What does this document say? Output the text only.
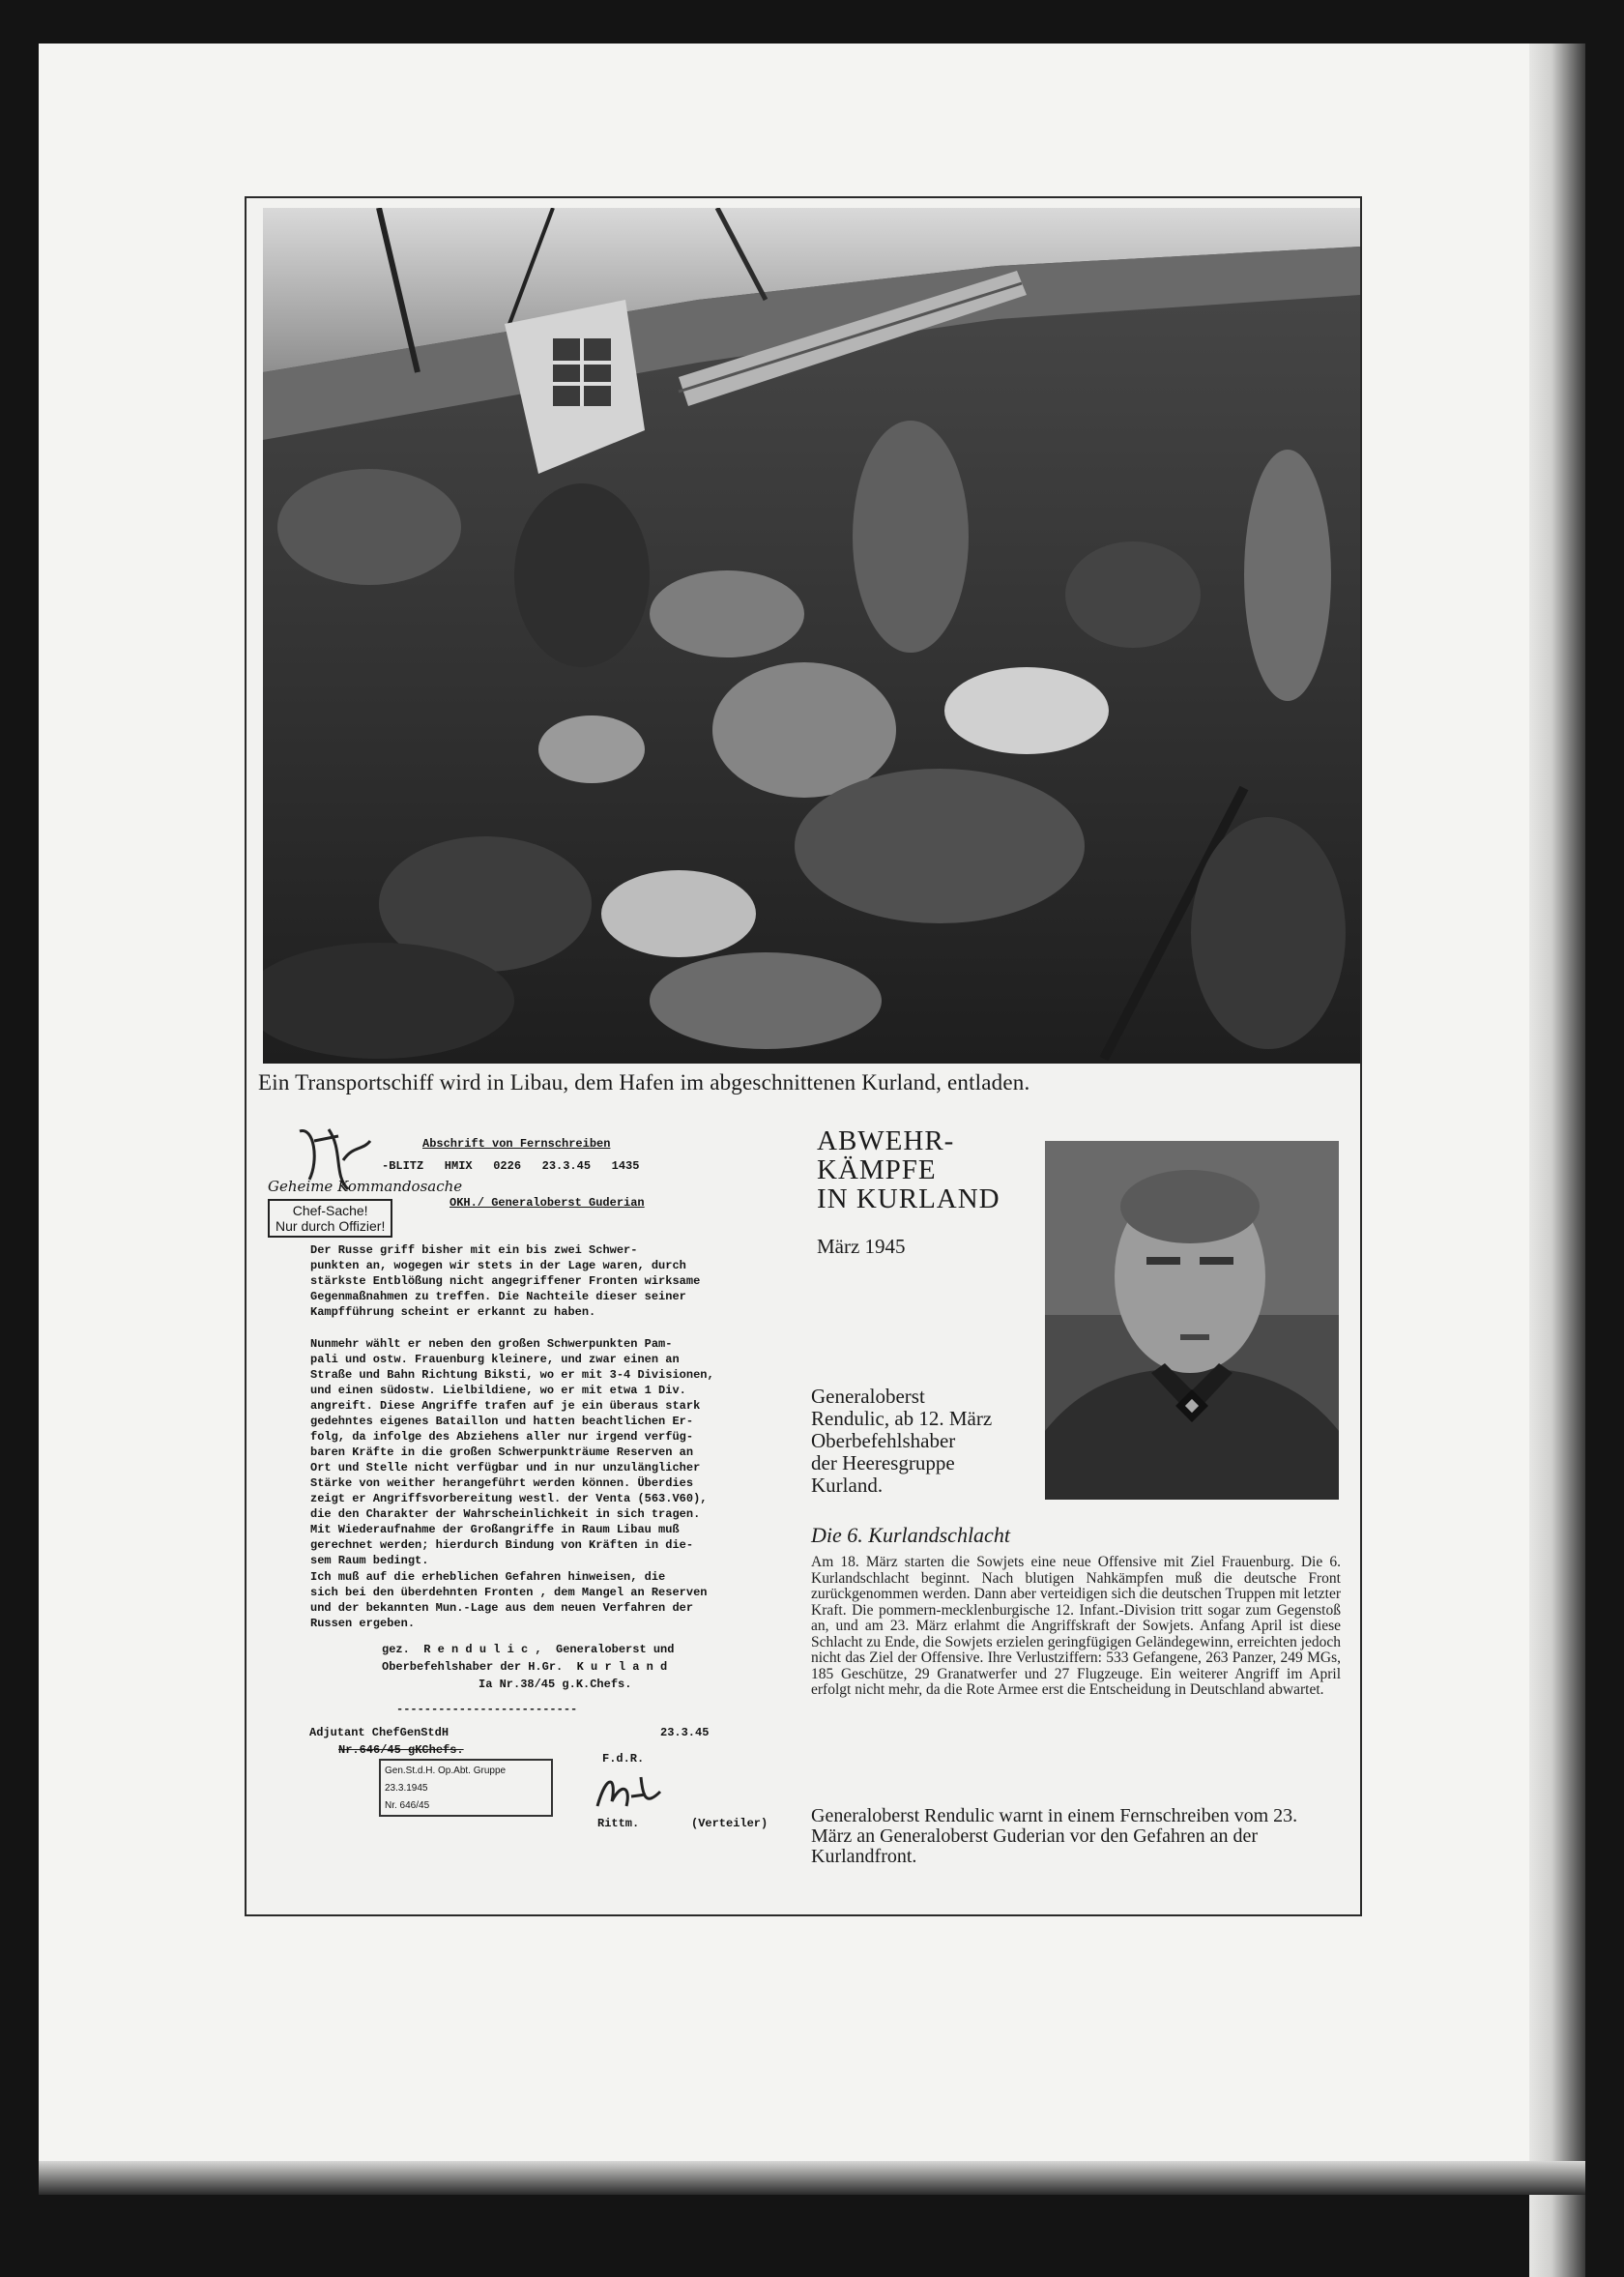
Ein Transportschiff wird in Libau, dem Hafen im abgeschnittenen Kurland, entladen.
Abschrift von Fernschreiben
-BLITZ   HMIX   0226   23.3.45   1435
Geheime Kommandosache
OKH./ Generaloberst Guderian
Chef-Sache!
Nur durch Offizier!
Der Russe griff bisher mit ein bis zwei Schwer-
punkten an, wogegen wir stets in der Lage waren, durch
stärkste Entblößung nicht angegriffener Fronten wirksame
Gegenmaßnahmen zu treffen. Die Nachteile dieser seiner
Kampfführung scheint er erkannt zu haben.
Nunmehr wählt er neben den großen Schwerpunkten Pam-
pali und ostw. Frauenburg kleinere, und zwar einen an
Straße und Bahn Richtung Biksti, wo er mit 3-4 Divisionen,
und einen südostw. Lielbildiene, wo er mit etwa 1 Div.
angreift. Diese Angriffe trafen auf je ein überaus stark
gedehntes eigenes Bataillon und hatten beachtlichen Er-
folg, da infolge des Abziehens aller nur irgend verfüg-
baren Kräfte in die großen Schwerpunkträume Reserven an
Ort und Stelle nicht verfügbar und in nur unzulänglicher
Stärke von weither herangeführt werden können. Überdies
zeigt er Angriffsvorbereitung westl. der Venta (563.V60),
die den Charakter der Wahrscheinlichkeit in sich tragen.
Mit Wiederaufnahme der Großangriffe in Raum Libau muß
gerechnet werden; hierdurch Bindung von Kräften in die-
sem Raum bedingt.
Ich muß auf die erheblichen Gefahren hinweisen, die
sich bei den überdehnten Fronten , dem Mangel an Reserven
und der bekannten Mun.-Lage aus dem neuen Verfahren der
Russen ergeben.
gez.  R e n d u l i c ,  Generaloberst und
Oberbefehlshaber der H.Gr.  K u r l a n d
Ia Nr.38/45 g.K.Chefs.
--------------------------
Adjutant ChefGenStdH	23.3.45
Nr.646/45 gKChefs.
Gen.St.d.H. Op.Abt. Gruppe
23.3.1945
Nr. 646/45
F.d.R.
Rittm.	(Verteiler)
ABWEHR-
KÄMPFE
IN KURLAND
März 1945
Generaloberst
Rendulic, ab 12. März
Oberbefehlshaber
der Heeresgruppe
Kurland.
Die 6. Kurlandschlacht
Am 18. März starten die Sowjets eine neue Offensive mit Ziel Frauenburg. Die 6. Kurlandschlacht beginnt. Nach blutigen Nahkämpfen muß die deutsche Front zurückgenommen werden. Dann aber verteidigen sich die deutschen Truppen mit letzter Kraft. Die pommern-mecklenburgische 12. Infant.-Division tritt sogar zum Gegenstoß an, und am 23. März erlahmt die Angriffskraft der Sowjets. Anfang April ist diese Schlacht zu Ende, die Sowjets erzielen geringfügigen Geländegewinn, erreichten jedoch nicht das Ziel der Offensive. Ihre Verlustziffern: 533 Gefangene, 263 Panzer, 249 MGs, 185 Geschütze, 29 Granatwerfer und 27 Flugzeuge. Ein weiterer Angriff im April erfolgt nicht mehr, da die Rote Armee erst die Entscheidung in Deutschland abwartet.
Generaloberst Rendulic warnt in einem Fernschreiben vom 23. März an Generaloberst Guderian vor den Gefahren an der Kurlandfront.
